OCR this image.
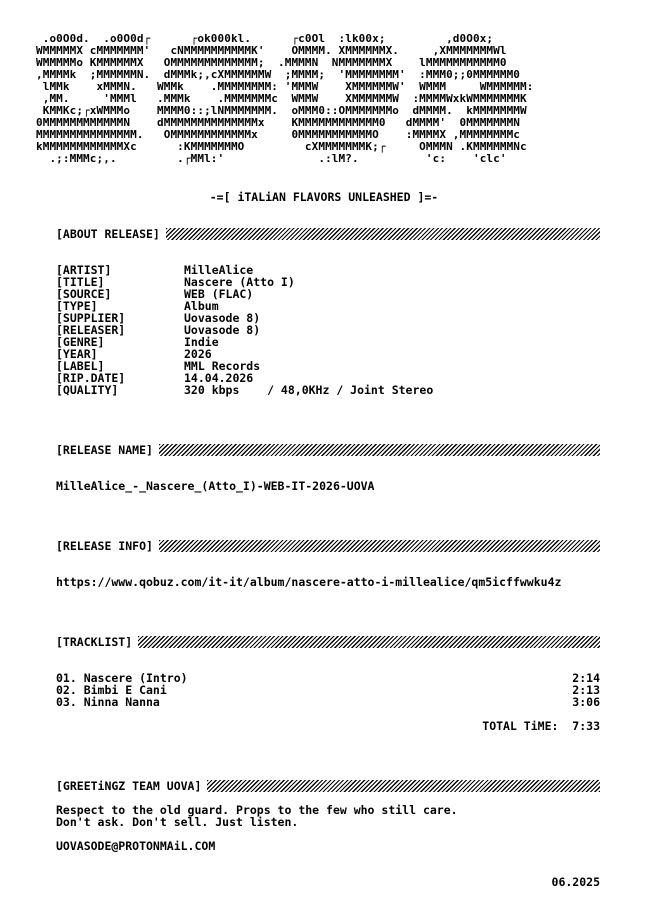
.o0O0d.  .o0O0d┌      ┌ok000kl.      ┌c0Ol  :lk00x;         ,d0O0x;
WMMMMMX cMMMMMMM'   cNMMMMMMMMMMK'    OMMMM. XMMMMMMX.     ,XMMMMMMMWl
WMMMMMo KMMMMMMX   OMMMMMMMMMMMMM;  .MMMMN  NMMMMMMMX    lMMMMMMMMMMM0
,MMMMk  ;MMMMMMN.  dMMMk;,cXMMMMMMW  ;MMMM;  'MMMMMMMM'  :MMM0;;0MMMMMM0
lMMk    xMMMN.   WMMk    .MMMMMMMM: 'MMMW    XMMMMMMW'  WMMM     WMMMMMM:
,MM.     'MMMl   .MMMk    .MMMMMMMc  WMMW    XMMMMMMW  :MMMMWxkWMMMMMMMK
KMMKc;┌xWMMMo    MMMM0::;lNMMMMMMM.  oMMM0::OMMMMMMMo  dMMMM.  kMMMMMMMW
0MMMMMMMMMMMMN    dMMMMMMMMMMMMMMx    KMMMMMMMMMMMM0   dMMMM'  0MMMMMMMN
MMMMMMMMMMMMMMM.   OMMMMMMMMMMMMx     0MMMMMMMMMMMO    :MMMMX ,MMMMMMMMc
kMMMMMMMMMMMMXc      :KMMMMMMMO         cXMMMMMMMK;┌     OMMMN .KMMMMMMNc
.;:MMMc;,.         .┌MMl:'              .:lM?.          'c:    'clc'
-=[ iTALiAN FLAVORS UNLEASHED ]=-
[ABOUT RELEASE]
[ARTIST]	MilleAlice
[TITLE]	Nascere (Atto I)
[SOURCE]	WEB (FLAC)
[TYPE]	Album
[SUPPLIER]	Uovasode 8)
[RELEASER]	Uovasode 8)
[GENRE]	Indie
[YEAR]	2026
[LABEL]	MML Records
[RIP.DATE]	14.04.2026
[QUALITY]	320 kbps    / 48,0KHz / Joint Stereo
[RELEASE NAME]
MilleAlice_-_Nascere_(Atto_I)-WEB-IT-2026-UOVA
[RELEASE INFO]
https://www.qobuz.com/it-it/album/nascere-atto-i-millealice/qm5icffwwku4z
[TRACKLIST]
01. Nascere (Intro)	2:14
02. Bimbi E Cani	2:13
03. Ninna Nanna	3:06
TOTAL TiME: 7:33
[GREETiNGZ TEAM UOVA]
Respect to the old guard. Props to the few who still care.
Don't ask. Don't sell. Just listen.
UOVASODE@PROTONMAiL.COM
06.2025
